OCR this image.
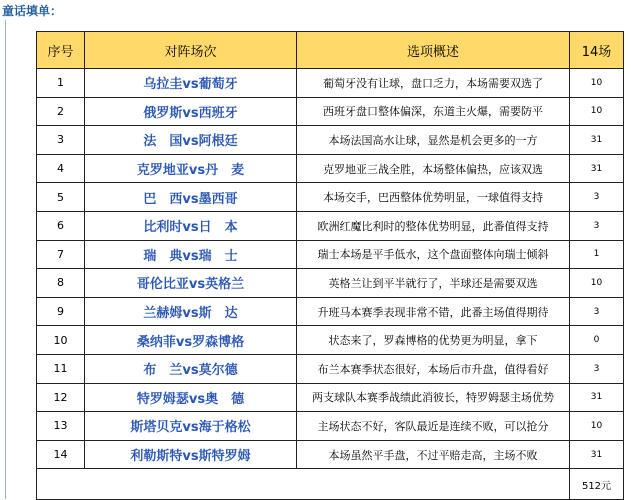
童话填单：
序号	对阵场次	选项概述	14场
1	乌拉圭vs葡萄牙	葡萄牙没有让球，盘口乏力，本场需要双选了	10
2	俄罗斯vs西班牙	西班牙盘口整体偏深，东道主火爆，需要防平	10
3	法　国vs阿根廷	本场法国高水让球，显然是机会更多的一方	31
4	克罗地亚vs丹　麦	克罗地亚三战全胜，本场整体偏热，应该双选	31
5	巴　西vs墨西哥	本场交手，巴西整体优势明显，一球值得支持	3
6	比利时vs日　本	欧洲红魔比利时的整体优势明显，此番值得支持	3
7	瑞　典vs瑞　士	瑞士本场是平手低水，这个盘面整体向瑞士倾斜	1
8	哥伦比亚vs英格兰	英格兰让到平半就行了，半球还是需要双选	10
9	兰赫姆vs斯　达	升班马本赛季表现非常不错，此番主场值得期待	3
10	桑纳菲vs罗森博格	状态来了，罗森博格的优势更为明显，拿下	0
11	布　兰vs莫尔德	布兰本赛季状态很好，本场后市升盘，值得看好	3
12	特罗姆瑟vs奥　德	两支球队本赛季战绩此消彼长，特罗姆瑟主场优势	31
13	斯塔贝克vs海于格松	主场状态不好，客队最近是连续不败，可以抢分	10
14	利勒斯特vs斯特罗姆	本场虽然平手盘，不过平赔走高，主场不败	31
			512元
